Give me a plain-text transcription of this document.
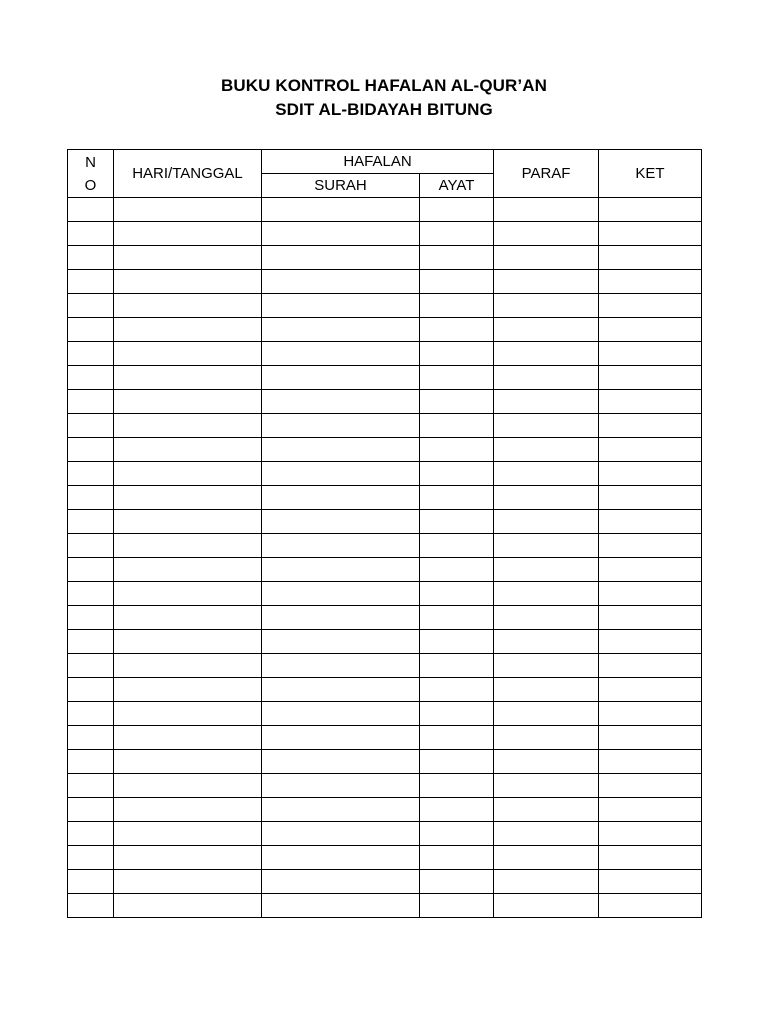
BUKU KONTROL HAFALAN AL-QUR’AN
SDIT AL-BIDAYAH BITUNG
NO	HARI/TANGGAL	HAFALAN		PARAF	KET
		SURAH	AYAT		
